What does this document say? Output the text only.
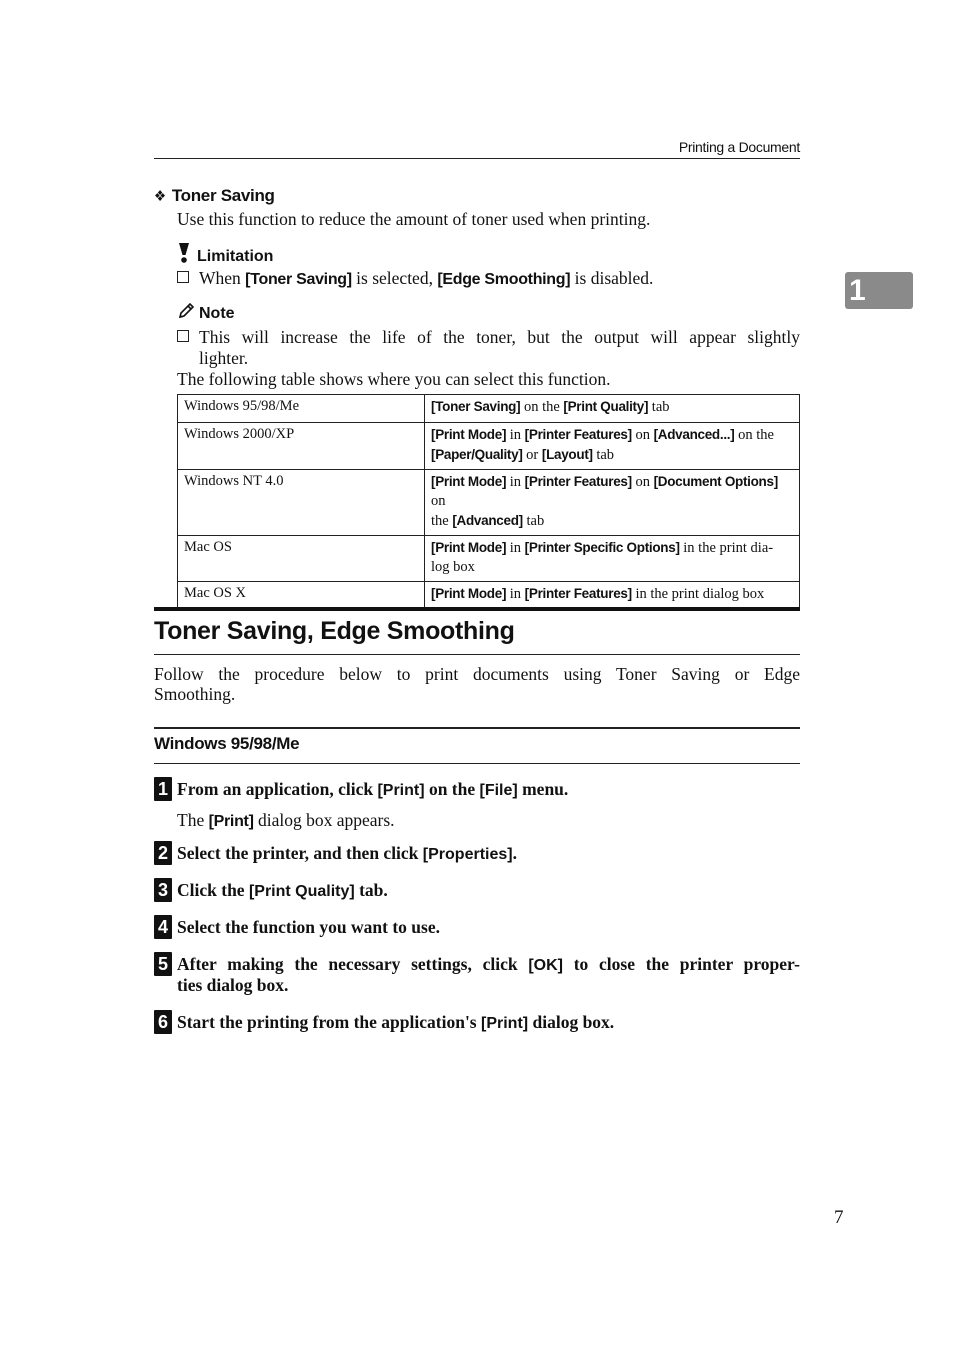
Printing a Document
1
❖ Toner Saving
Use this function to reduce the amount of toner used when printing.
Limitation
When [Toner Saving] is selected, [Edge Smoothing] is disabled.
Note
This will increase the life of the toner, but the output will appear slightly
lighter.
The following table shows where you can select this function.
Windows 95/98/Me	[Toner Saving] on the [Print Quality] tab

Windows 2000/XP	[Print Mode] in [Printer Features] on [Advanced...] on the
[Paper/Quality] or [Layout] tab

Windows NT 4.0	[Print Mode] in [Printer Features] on [Document Options] on
the [Advanced] tab

Mac OS	[Print Mode] in [Printer Specific Options] in the print dia-
log box

Mac OS X	[Print Mode] in [Printer Features] in the print dialog box
Toner Saving, Edge Smoothing
Follow the procedure below to print documents using Toner Saving or Edge
Smoothing.
Windows 95/98/Me
1 From an application, click [Print] on the [File] menu.
The [Print] dialog box appears.
2 Select the printer, and then click [Properties].
3 Click the [Print Quality] tab.
4 Select the function you want to use.
5 After making the necessary settings, click [OK] to close the printer proper-
ties dialog box.
6 Start the printing from the application's [Print] dialog box.
7
